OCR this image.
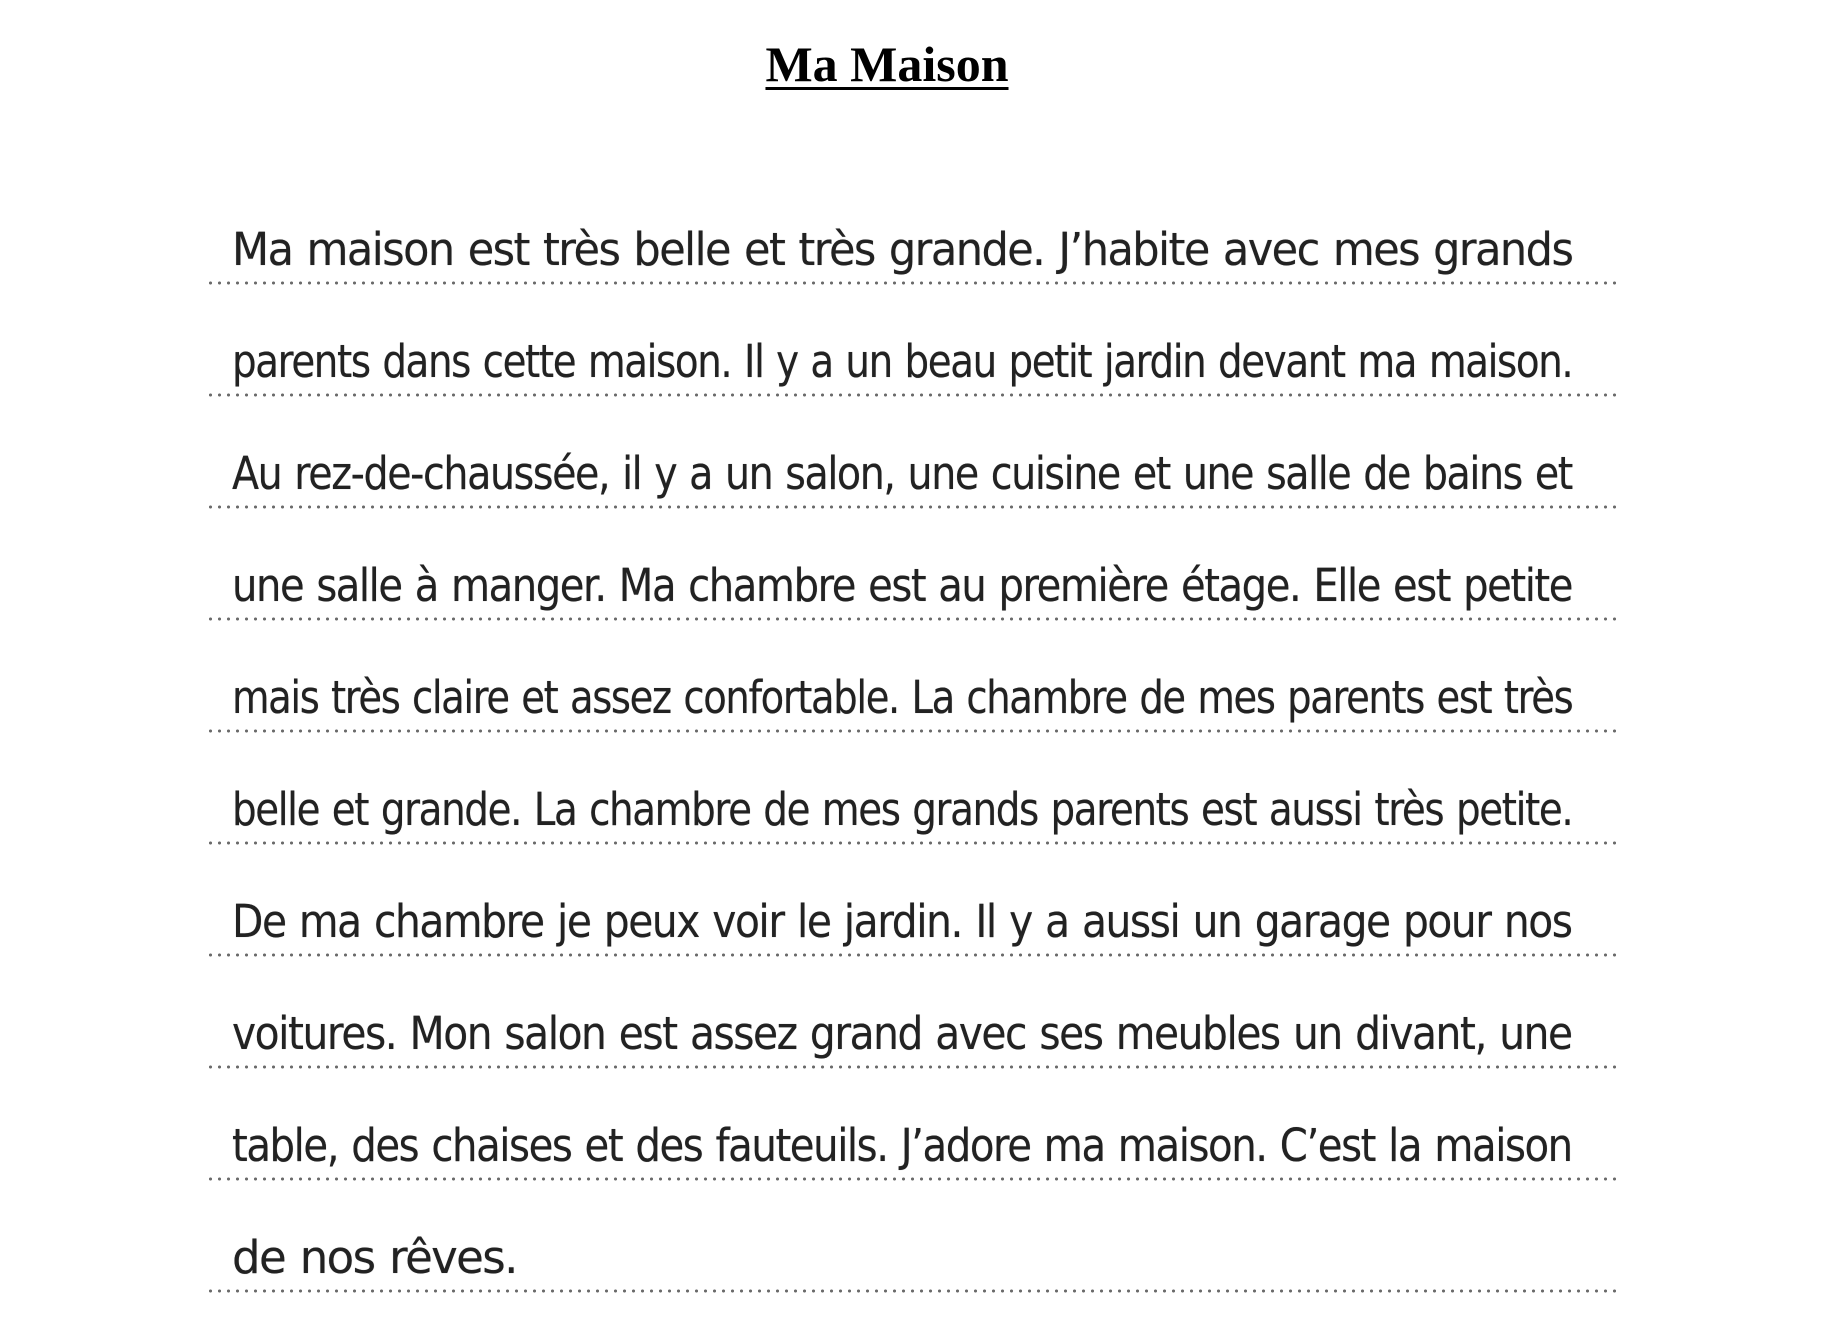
Ma Maison
Ma maison est très belle et très grande. J’habite avec mes grands
parents dans cette maison. Il y a un beau petit jardin devant ma maison.
Au rez-de-chaussée, il y a un salon, une cuisine et une salle de bains et
une salle à manger. Ma chambre est au première étage. Elle est petite
mais très claire et assez confortable. La chambre de mes parents est très
belle et grande. La chambre de mes grands parents est aussi très petite.
De ma chambre je peux voir le jardin. Il y a aussi un garage pour nos
voitures. Mon salon est assez grand avec ses meubles un divant, une
table, des chaises et des fauteuils. J’adore ma maison. C’est la maison
de nos rêves.
